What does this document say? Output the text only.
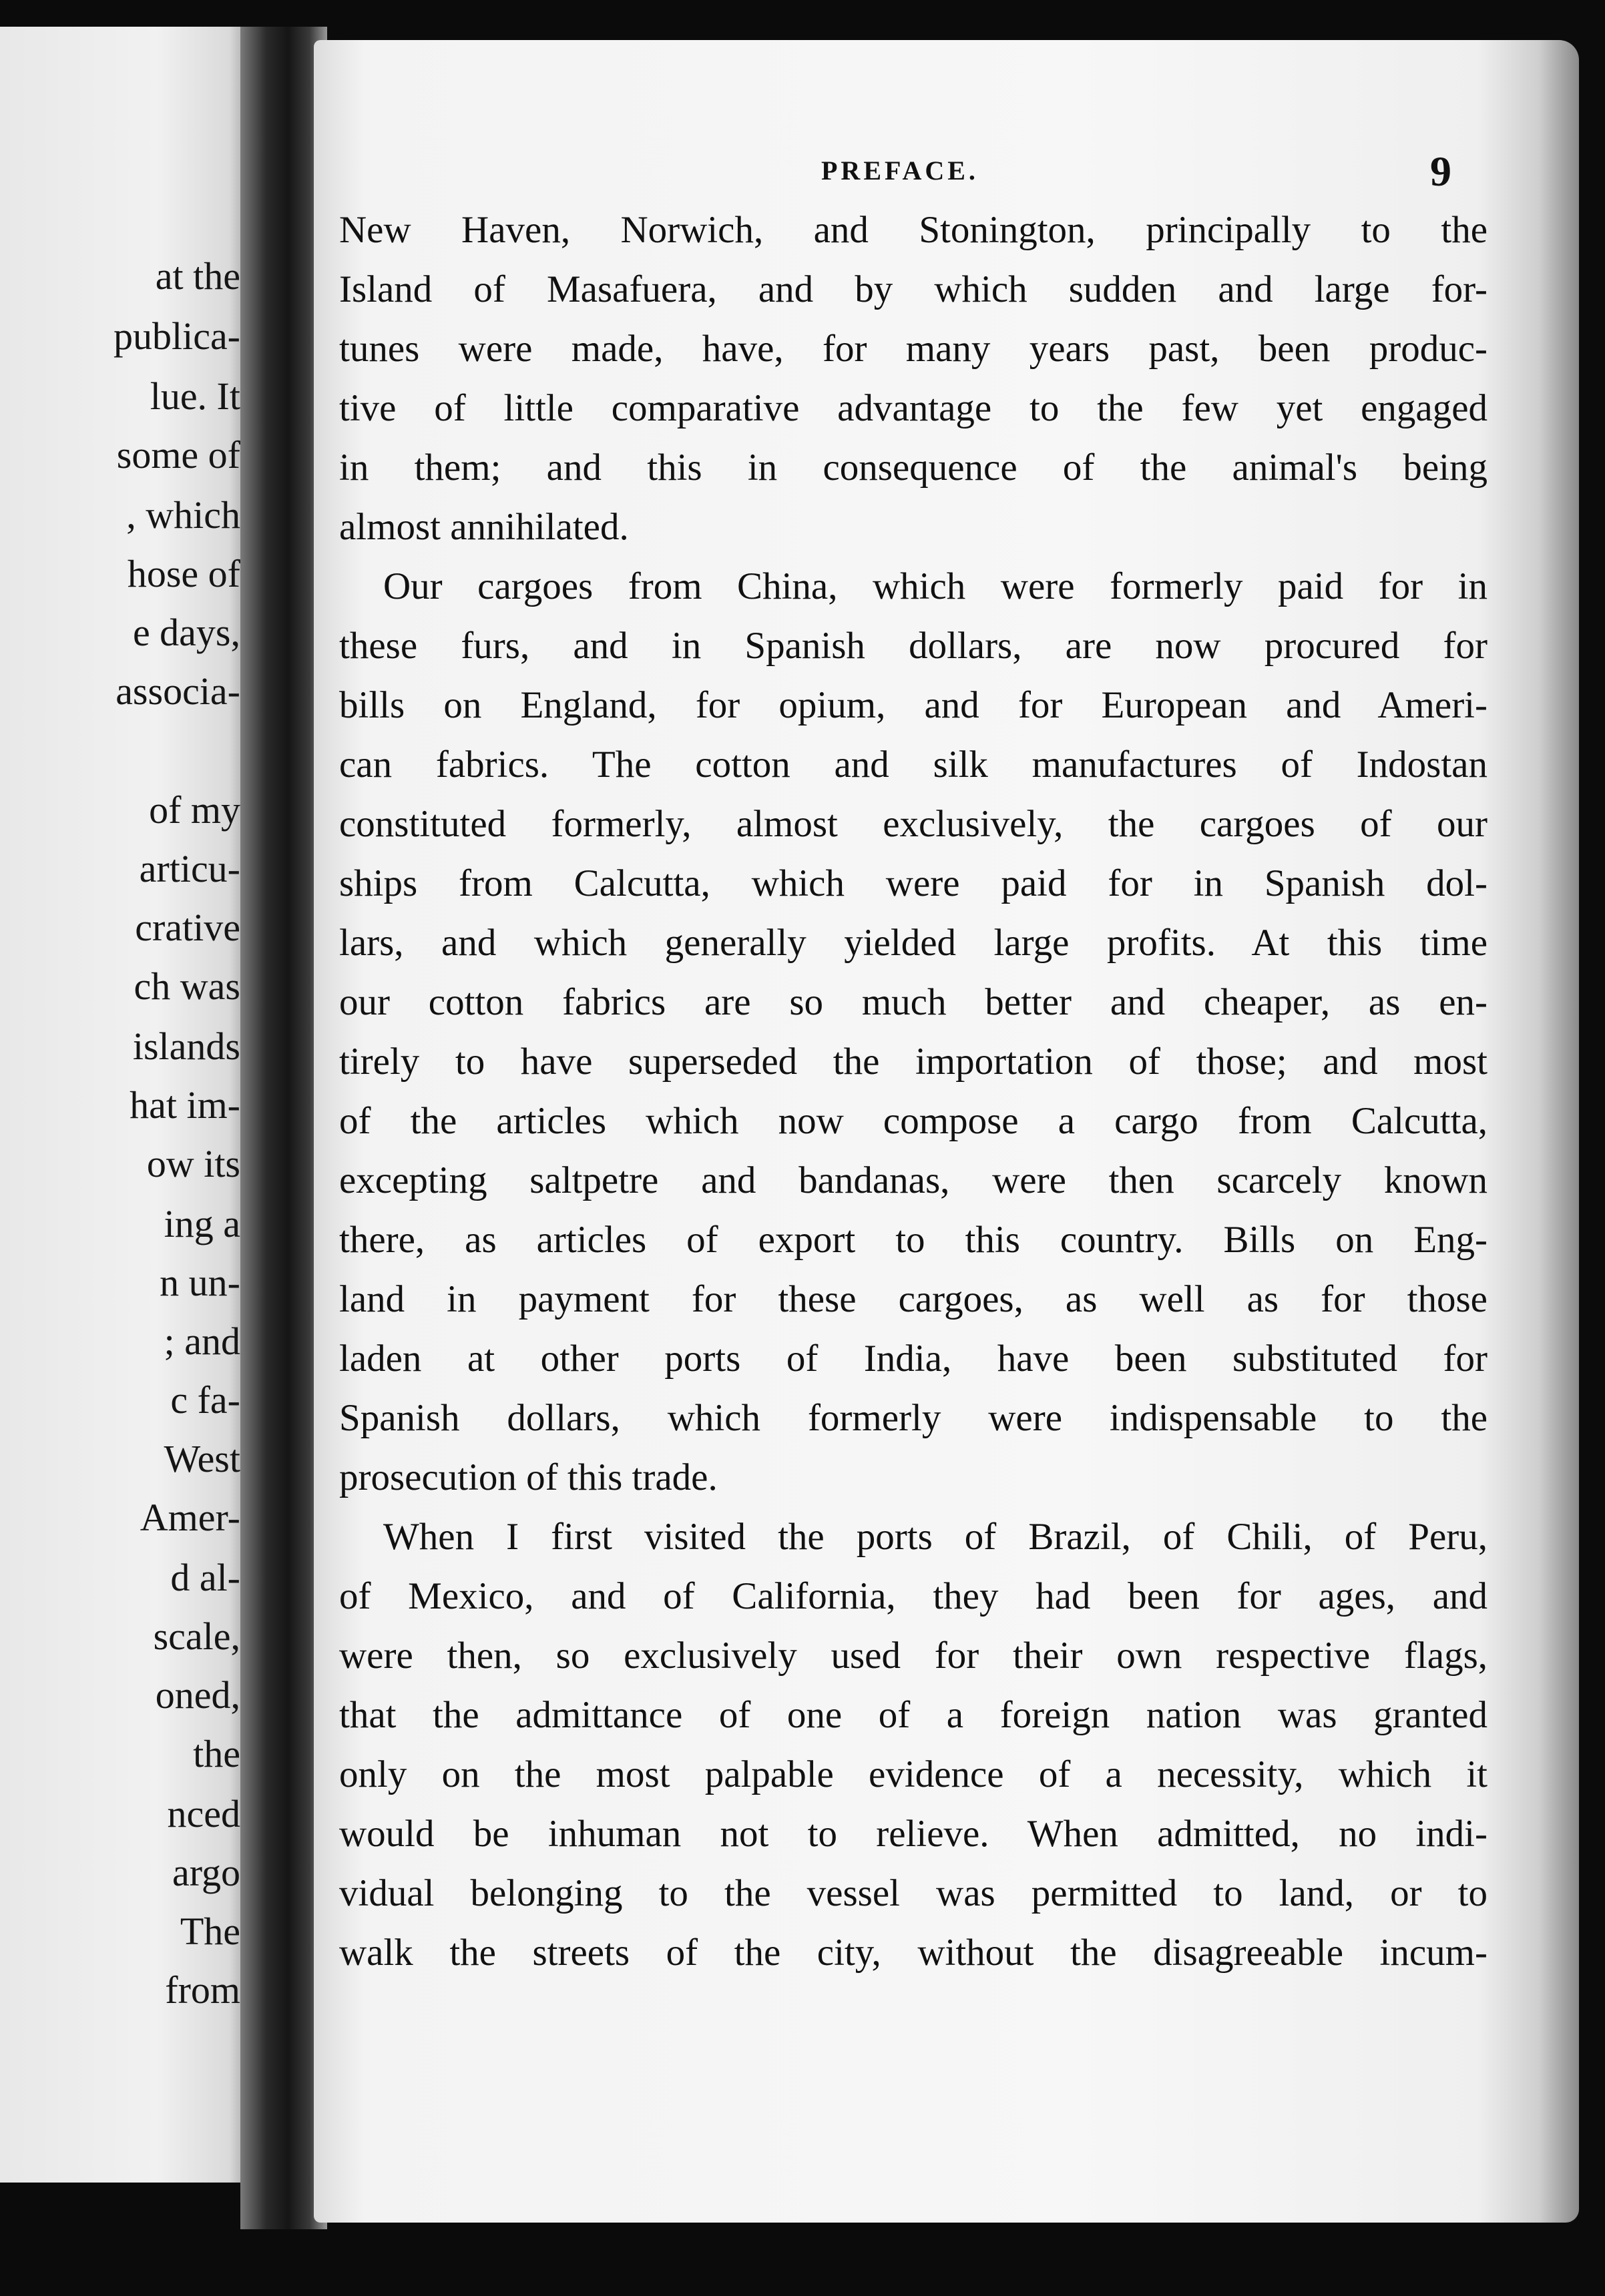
at the
publica-
lue. It
some of
, which
hose of
e days,
associa-
of my
articu-
crative
ch was
islands
hat im-
ow its
ing a
n un-
; and
c fa-
West
Amer-
d al-
scale,
oned,
the
nced
argo
The
from
PREFACE.	9
New Haven, Norwich, and Stonington, principally to the
Island of Masafuera, and by which sudden and large for-
tunes were made, have, for many years past, been produc-
tive of little comparative advantage to the few yet engaged
in them; and this in consequence of the animal's being
almost annihilated.
Our cargoes from China, which were formerly paid for in
these furs, and in Spanish dollars, are now procured for
bills on England, for opium, and for European and Ameri-
can fabrics. The cotton and silk manufactures of Indostan
constituted formerly, almost exclusively, the cargoes of our
ships from Calcutta, which were paid for in Spanish dol-
lars, and which generally yielded large profits. At this time
our cotton fabrics are so much better and cheaper, as en-
tirely to have superseded the importation of those; and most
of the articles which now compose a cargo from Calcutta,
excepting saltpetre and bandanas, were then scarcely known
there, as articles of export to this country. Bills on Eng-
land in payment for these cargoes, as well as for those
laden at other ports of India, have been substituted for
Spanish dollars, which formerly were indispensable to the
prosecution of this trade.
When I first visited the ports of Brazil, of Chili, of Peru,
of Mexico, and of California, they had been for ages, and
were then, so exclusively used for their own respective flags,
that the admittance of one of a foreign nation was granted
only on the most palpable evidence of a necessity, which it
would be inhuman not to relieve. When admitted, no indi-
vidual belonging to the vessel was permitted to land, or to
walk the streets of the city, without the disagreeable incum-
